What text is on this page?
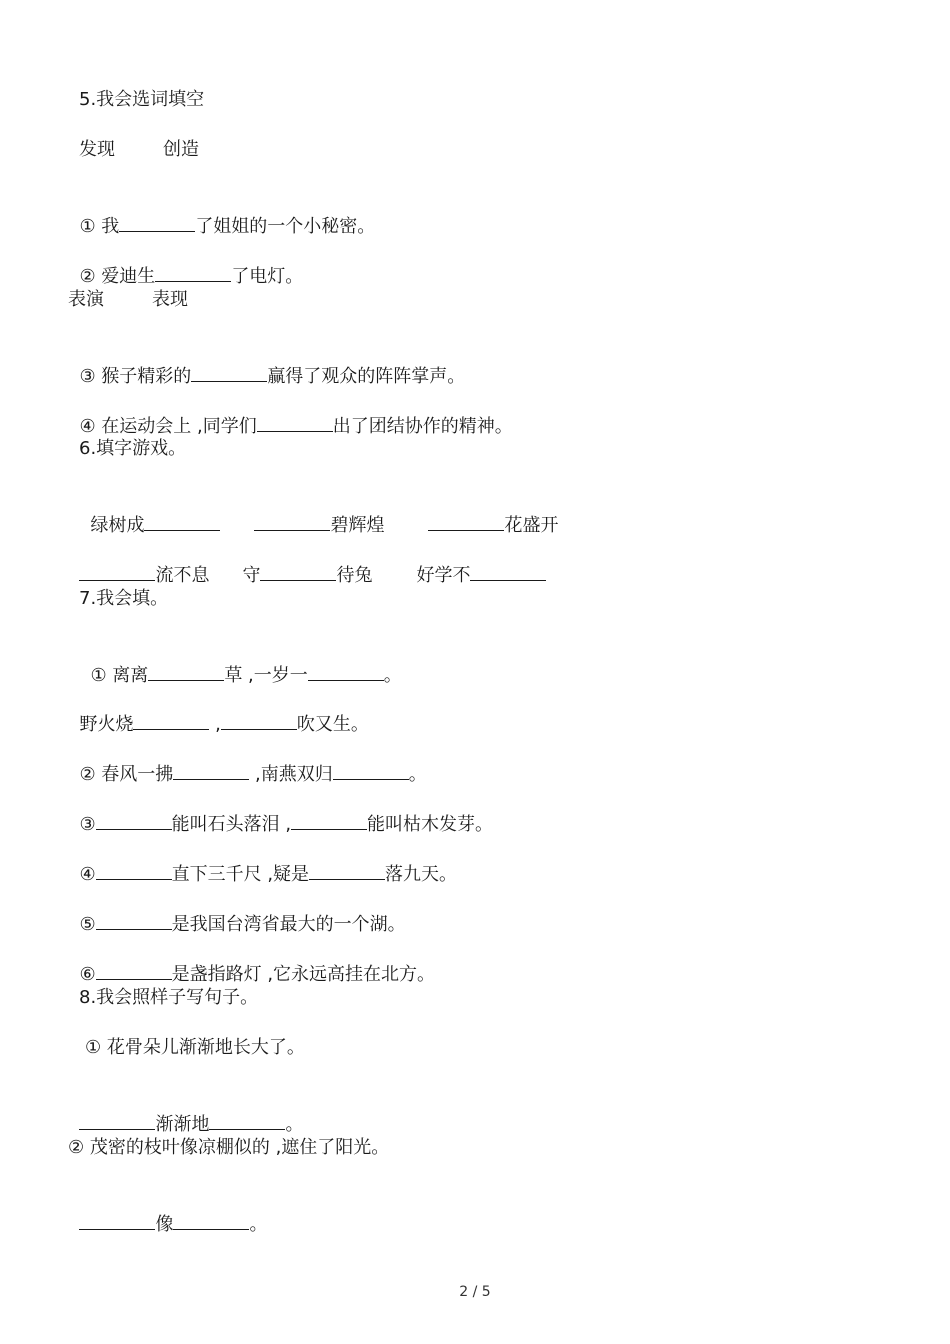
5.我会选词填空
发现	创造

① 我	了姐姐的一个小秘密。

② 爱迪生	了电灯。

表演	表现

③ 猴子精彩的	赢得了观众的阵阵掌声。

④ 在运动会上 ,同学们	出了团结协作的精神。

6.填字游戏。

绿树成	碧辉煌	花盛开

流不息	守	待兔	好学不

7.我会填。

① 离离	草 ,一岁一	。

野火烧	,	吹又生。

② 春风一拂	,南燕双归	。

③	能叫石头落泪 ,	能叫枯木发芽。

④	直下三千尺 ,疑是	落九天。

⑤	是我国台湾省最大的一个湖。

⑥	是盏指路灯 ,它永远高挂在北方。

8.我会照样子写句子。
① 花骨朵儿渐渐地长大了。

渐渐地	。

② 茂密的枝叶像凉棚似的 ,遮住了阳光。

像	。

2 / 5
